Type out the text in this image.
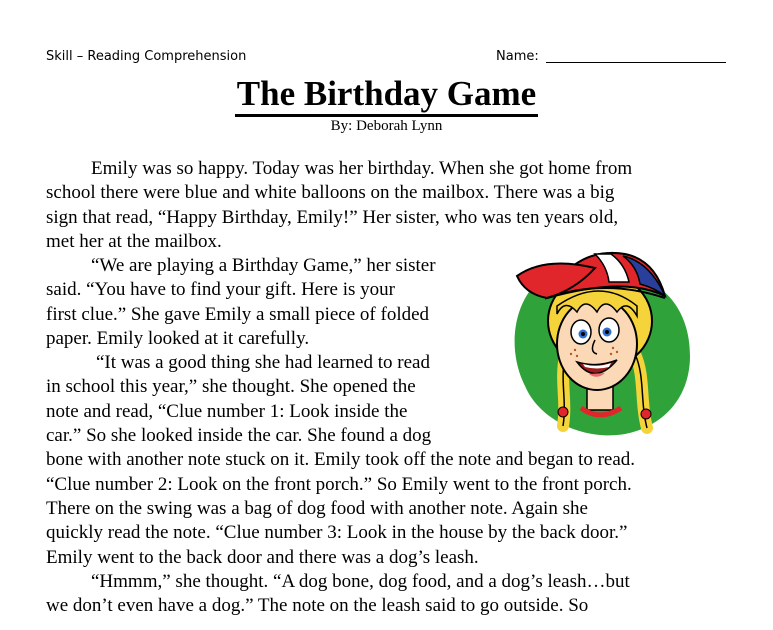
Skill – Reading Comprehension	Name:
The Birthday Game
By: Deborah Lynn
Emily was so happy. Today was her birthday. When she got home from
school there were blue and white balloons on the mailbox. There was a big
sign that read, “Happy Birthday, Emily!” Her sister, who was ten years old,
met her at the mailbox.
“We are playing a Birthday Game,” her sister
said. “You have to find your gift. Here is your
first clue.” She gave Emily a small piece of folded
paper. Emily looked at it carefully.
“It was a good thing she had learned to read
in school this year,” she thought. She opened the
note and read, “Clue number 1: Look inside the
car.” So she looked inside the car. She found a dog
bone with another note stuck on it. Emily took off the note and began to read.
“Clue number 2: Look on the front porch.” So Emily went to the front porch.
There on the swing was a bag of dog food with another note. Again she
quickly read the note. “Clue number 3: Look in the house by the back door.”
Emily went to the back door and there was a dog’s leash.
“Hmmm,” she thought. “A dog bone, dog food, and a dog’s leash…but
we don’t even have a dog.” The note on the leash said to go outside. So
